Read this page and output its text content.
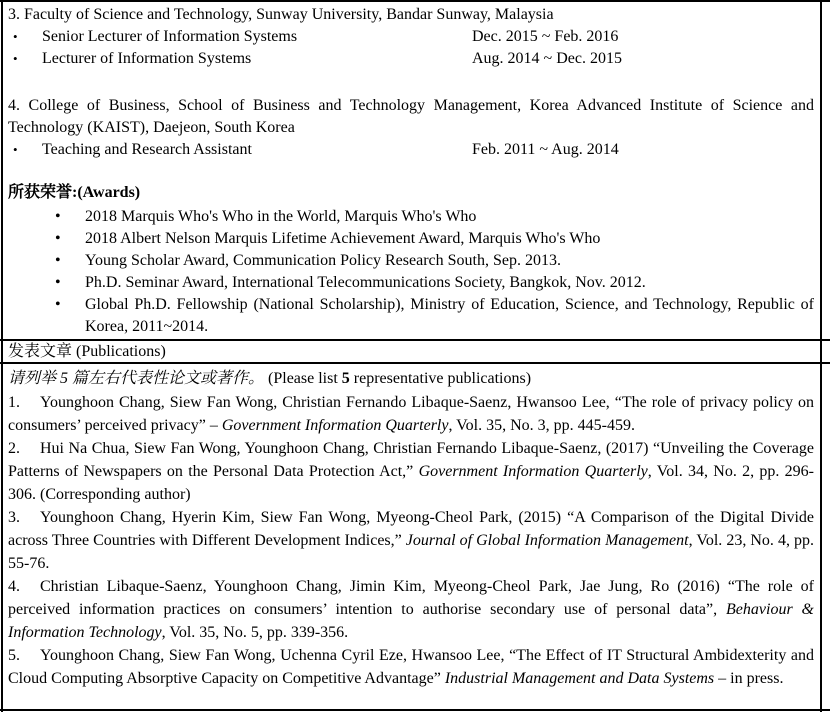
3. Faculty of Science and Technology, Sunway University, Bandar Sunway, Malaysia

• Senior Lecturer of Information Systems	Dec. 2015 ~ Feb. 2016
• Lecturer of Information Systems	Aug. 2014 ~ Dec. 2015

4. College of Business, School of Business and Technology Management, Korea Advanced Institute of Science and Technology (KAIST), Daejeon, South Korea

• Teaching and Research Assistant	Feb. 2011 ~ Aug. 2014
所获荣誉:(Awards)
• 2018 Marquis Who's Who in the World, Marquis Who's Who
• 2018 Albert Nelson Marquis Lifetime Achievement Award, Marquis Who's Who
• Young Scholar Award, Communication Policy Research South, Sep. 2013.
• Ph.D. Seminar Award, International Telecommunications Society, Bangkok, Nov. 2012.
• Global Ph.D. Fellowship (National Scholarship), Ministry of Education, Science, and Technology, Republic of Korea, 2011~2014.
发表文章 (Publications)

请列举 5 篇左右代表性论文或著作。 (Please list 5 representative publications)

1. Younghoon Chang, Siew Fan Wong, Christian Fernando Libaque-Saenz, Hwansoo Lee, “The role of privacy policy on consumers’ perceived privacy” – Government Information Quarterly, Vol. 35, No. 3, pp. 445-459.

2. Hui Na Chua, Siew Fan Wong, Younghoon Chang, Christian Fernando Libaque-Saenz, (2017) “Unveiling the Coverage Patterns of Newspapers on the Personal Data Protection Act,” Government Information Quarterly, Vol. 34, No. 2, pp. 296-306. (Corresponding author)

3. Younghoon Chang, Hyerin Kim, Siew Fan Wong, Myeong-Cheol Park, (2015) “A Comparison of the Digital Divide across Three Countries with Different Development Indices,” Journal of Global Information Management, Vol. 23, No. 4, pp. 55-76.

4. Christian Libaque-Saenz, Younghoon Chang, Jimin Kim, Myeong-Cheol Park, Jae Jung, Ro (2016) “The role of perceived information practices on consumers’ intention to authorise secondary use of personal data”, Behaviour & Information Technology, Vol. 35, No. 5, pp. 339-356.

5. Younghoon Chang, Siew Fan Wong, Uchenna Cyril Eze, Hwansoo Lee, “The Effect of IT Structural Ambidexterity and Cloud Computing Absorptive Capacity on Competitive Advantage” Industrial Management and Data Systems – in press.
